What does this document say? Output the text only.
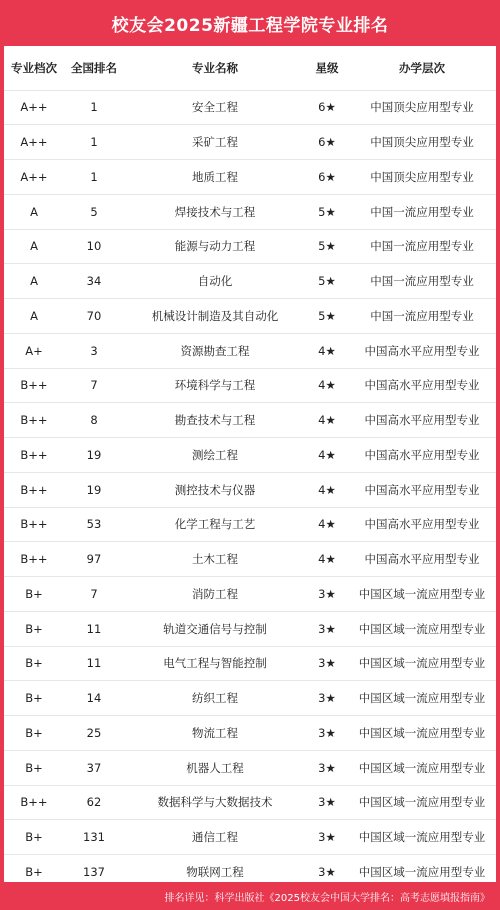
校友会2025新疆工程学院专业排名
专业档次	全国排名	专业名称	星级	办学层次
A++	1	安全工程	6★	中国顶尖应用型专业
A++	1	采矿工程	6★	中国顶尖应用型专业
A++	1	地质工程	6★	中国顶尖应用型专业
A	5	焊接技术与工程	5★	中国一流应用型专业
A	10	能源与动力工程	5★	中国一流应用型专业
A	34	自动化	5★	中国一流应用型专业
A	70	机械设计制造及其自动化	5★	中国一流应用型专业
A+	3	资源勘查工程	4★	中国高水平应用型专业
B++	7	环境科学与工程	4★	中国高水平应用型专业
B++	8	勘查技术与工程	4★	中国高水平应用型专业
B++	19	测绘工程	4★	中国高水平应用型专业
B++	19	测控技术与仪器	4★	中国高水平应用型专业
B++	53	化学工程与工艺	4★	中国高水平应用型专业
B++	97	土木工程	4★	中国高水平应用型专业
B+	7	消防工程	3★	中国区域一流应用型专业
B+	11	轨道交通信号与控制	3★	中国区域一流应用型专业
B+	11	电气工程与智能控制	3★	中国区域一流应用型专业
B+	14	纺织工程	3★	中国区域一流应用型专业
B+	25	物流工程	3★	中国区域一流应用型专业
B+	37	机器人工程	3★	中国区域一流应用型专业
B++	62	数据科学与大数据技术	3★	中国区域一流应用型专业
B+	131	通信工程	3★	中国区域一流应用型专业
B+	137	物联网工程	3★	中国区域一流应用型专业
排名详见：科学出版社《2025校友会中国大学排名：高考志愿填报指南》
